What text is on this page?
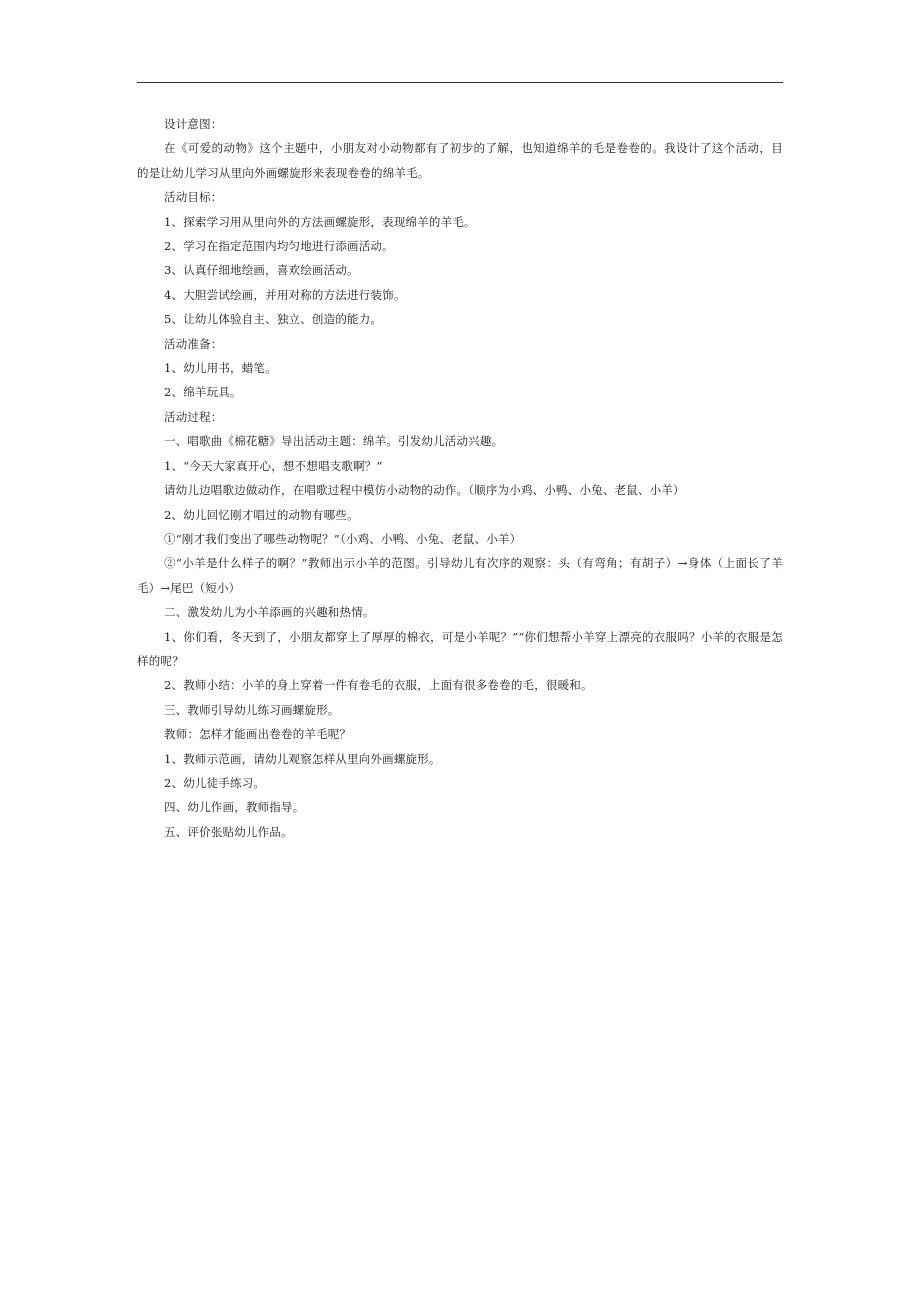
设计意图：

在《可爱的动物》这个主题中，小朋友对小动物都有了初步的了解，也知道绵羊的毛是卷卷的。我设计了这个活动，目的是让幼儿学习从里向外画螺旋形来表现卷卷的绵羊毛。

活动目标：

1、探索学习用从里向外的方法画螺旋形，表现绵羊的羊毛。

2、学习在指定范围内均匀地进行添画活动。

3、认真仔细地绘画，喜欢绘画活动。

4、大胆尝试绘画，并用对称的方法进行装饰。

5、让幼儿体验自主、独立、创造的能力。

活动准备：

1、幼儿用书，蜡笔。

2、绵羊玩具。

活动过程：

一、唱歌曲《棉花糖》导出活动主题：绵羊。引发幼儿活动兴趣。

1、“今天大家真开心，想不想唱支歌啊？”

请幼儿边唱歌边做动作，在唱歌过程中模仿小动物的动作。（顺序为小鸡、小鸭、小兔、老鼠、小羊）

2、幼儿回忆刚才唱过的动物有哪些。

①“刚才我们变出了哪些动物呢？”（小鸡、小鸭、小兔、老鼠、小羊）

②“小羊是什么样子的啊？”教师出示小羊的范图。引导幼儿有次序的观察：头（有弯角；有胡子）→身体（上面长了羊毛）→尾巴（短小）

二、激发幼儿为小羊添画的兴趣和热情。

1、你们看，冬天到了，小朋友都穿上了厚厚的棉衣，可是小羊呢？”“你们想帮小羊穿上漂亮的衣服吗？小羊的衣服是怎样的呢？

2、教师小结：小羊的身上穿着一件有卷毛的衣服，上面有很多卷卷的毛，很暖和。

三、教师引导幼儿练习画螺旋形。

教师：怎样才能画出卷卷的羊毛呢？

1、教师示范画，请幼儿观察怎样从里向外画螺旋形。

2、幼儿徒手练习。

四、幼儿作画，教师指导。

五、评价张贴幼儿作品。
